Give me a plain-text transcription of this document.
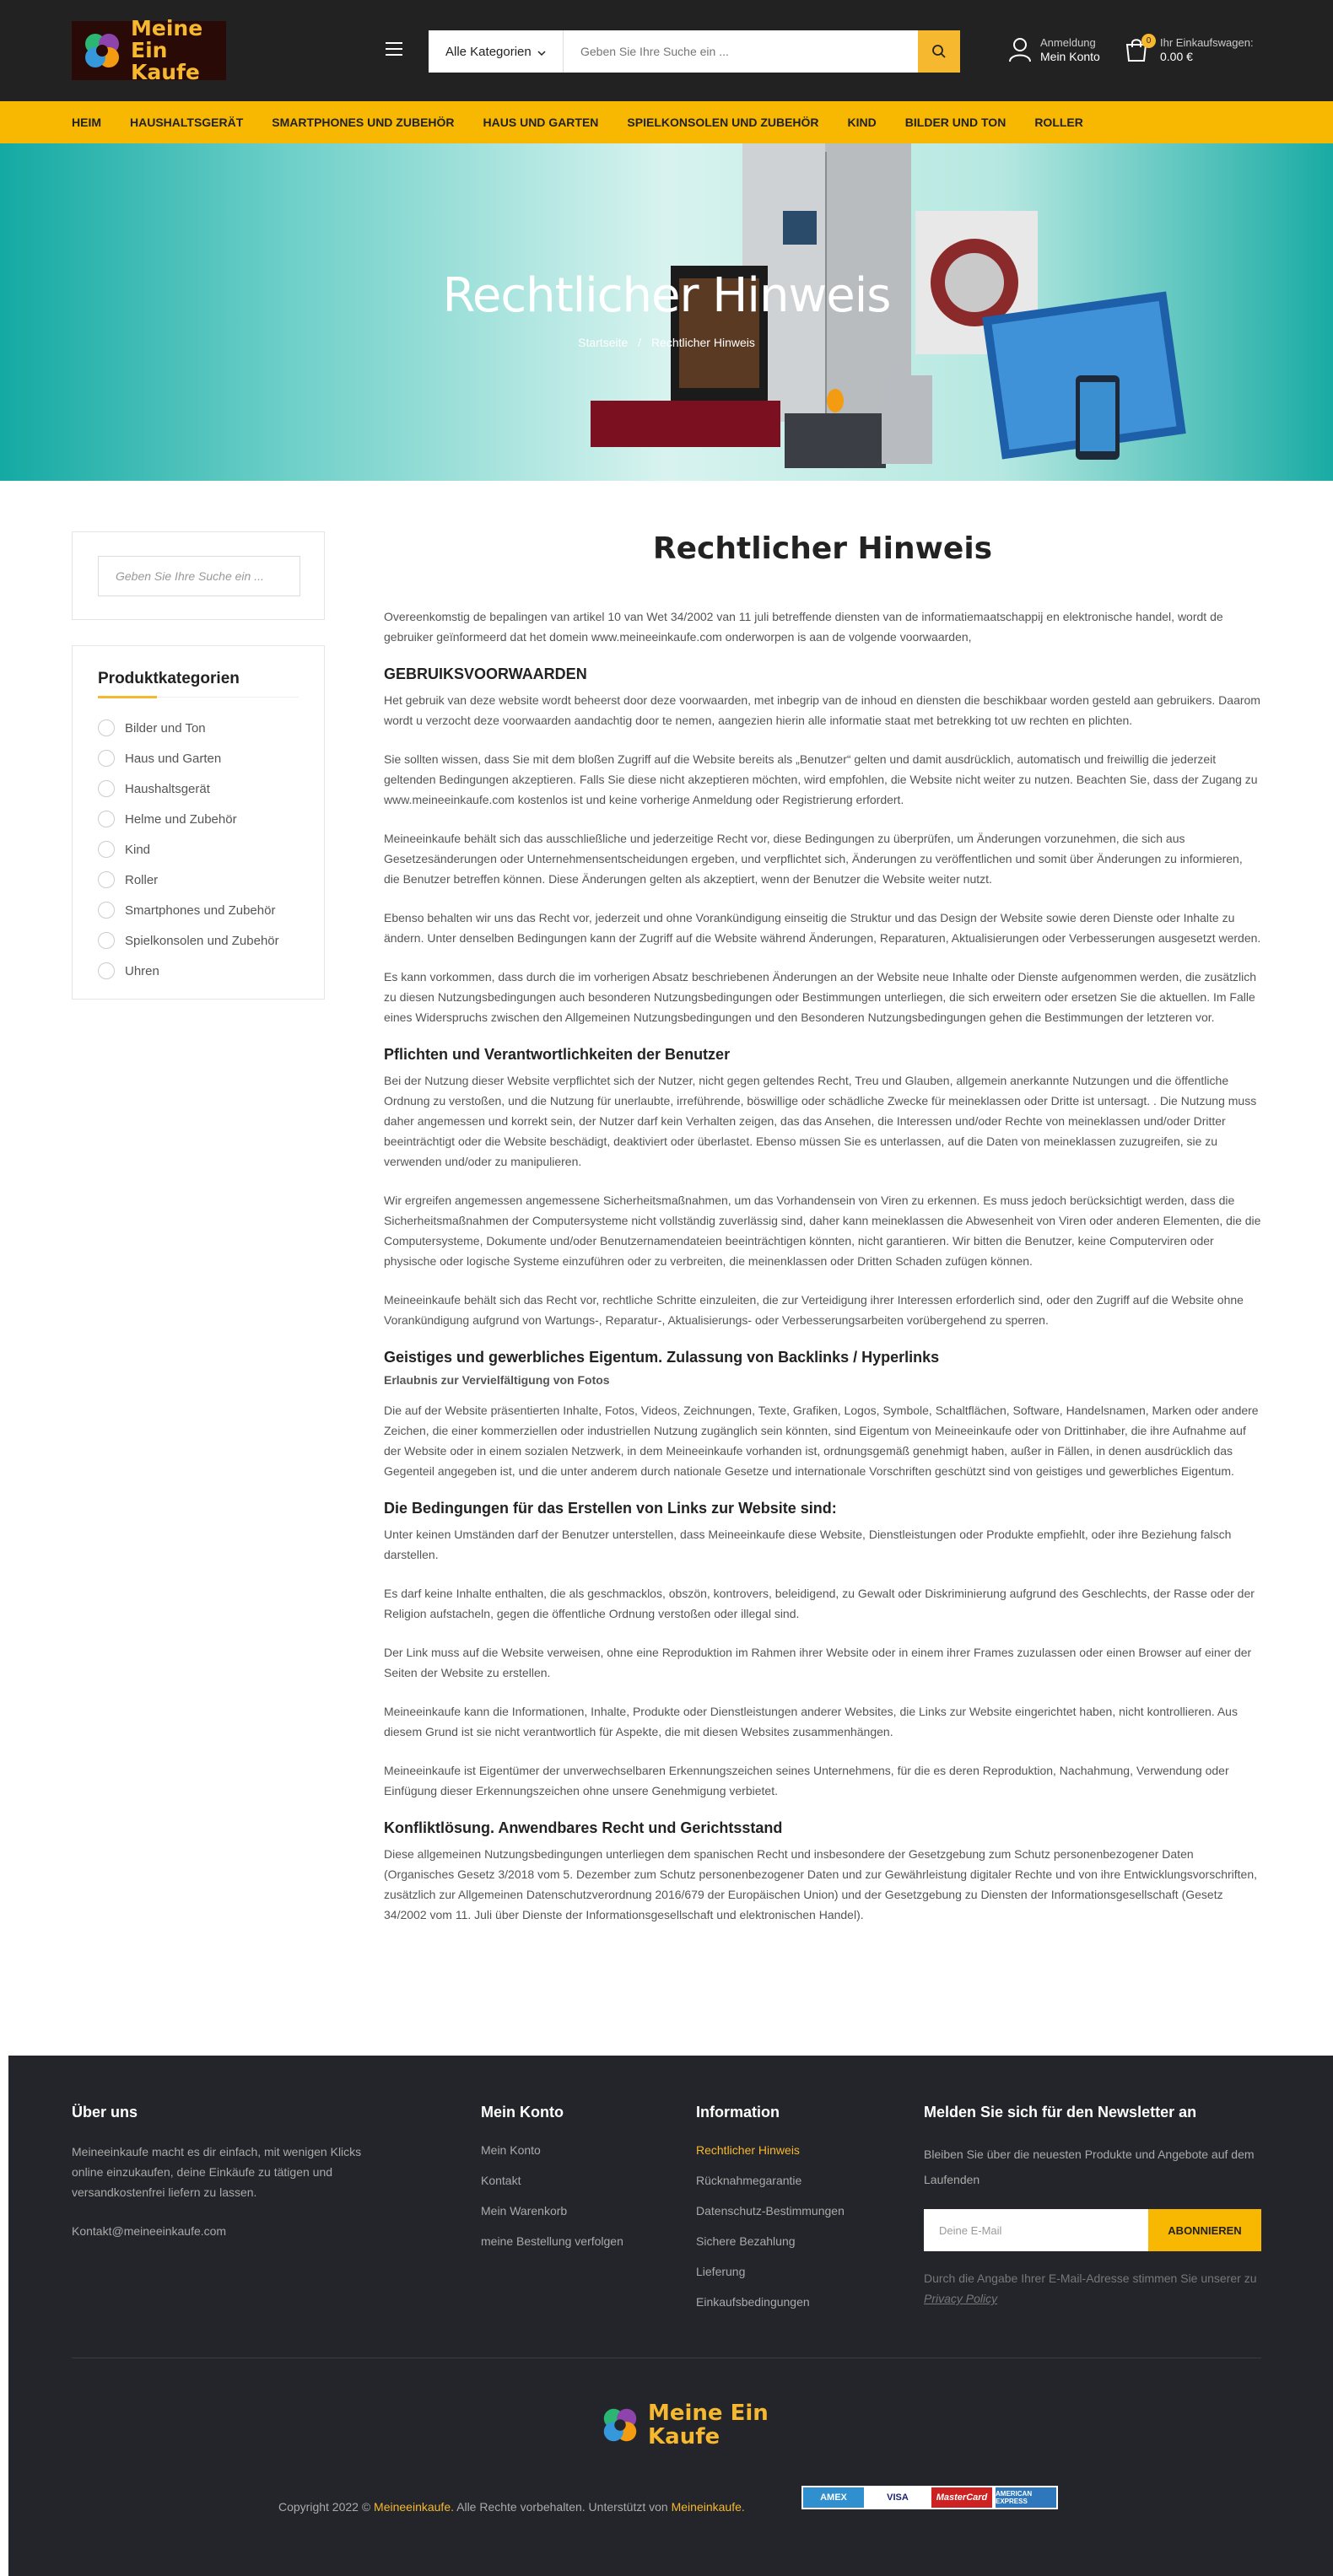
Meine Ein
Kaufe
Alle Kategorien
Geben Sie Ihre Suche ein ...
Anmeldung
Mein Konto
0 Ihr Einkaufswagen:
0.00 €
HEIM HAUSHALTSGERÄT SMARTPHONES UND ZUBEHÖR HAUS UND GARTEN SPIELKONSOLEN UND ZUBEHÖR KIND BILDER UND TON ROLLER
Rechtlicher Hinweis
Startseite / Rechtlicher Hinweis
Geben Sie Ihre Suche ein ...
Produktkategorien
Bilder und Ton
Haus und Garten
Haushaltsgerät
Helme und Zubehör
Kind
Roller
Smartphones und Zubehör
Spielkonsolen und Zubehör
Uhren
Rechtlicher Hinweis

Overeenkomstig de bepalingen van artikel 10 van Wet 34/2002 van 11 juli betreffende diensten van de informatiemaatschappij en elektronische handel, wordt de gebruiker geïnformeerd dat het domein www.meineeinkaufe.com onderworpen is aan de volgende voorwaarden,

GEBRUIKSVOORWAARDEN

Het gebruik van deze website wordt beheerst door deze voorwaarden, met inbegrip van de inhoud en diensten die beschikbaar worden gesteld aan gebruikers. Daarom wordt u verzocht deze voorwaarden aandachtig door te nemen, aangezien hierin alle informatie staat met betrekking tot uw rechten en plichten.

Sie sollten wissen, dass Sie mit dem bloßen Zugriff auf die Website bereits als „Benutzer“ gelten und damit ausdrücklich, automatisch und freiwillig die jederzeit geltenden Bedingungen akzeptieren. Falls Sie diese nicht akzeptieren möchten, wird empfohlen, die Website nicht weiter zu nutzen. Beachten Sie, dass der Zugang zu www.meineeinkaufe.com kostenlos ist und keine vorherige Anmeldung oder Registrierung erfordert.

Meineeinkaufe behält sich das ausschließliche und jederzeitige Recht vor, diese Bedingungen zu überprüfen, um Änderungen vorzunehmen, die sich aus Gesetzesänderungen oder Unternehmensentscheidungen ergeben, und verpflichtet sich, Änderungen zu veröffentlichen und somit über Änderungen zu informieren, die Benutzer betreffen können. Diese Änderungen gelten als akzeptiert, wenn der Benutzer die Website weiter nutzt.

Ebenso behalten wir uns das Recht vor, jederzeit und ohne Vorankündigung einseitig die Struktur und das Design der Website sowie deren Dienste oder Inhalte zu ändern. Unter denselben Bedingungen kann der Zugriff auf die Website während Änderungen, Reparaturen, Aktualisierungen oder Verbesserungen ausgesetzt werden.

Es kann vorkommen, dass durch die im vorherigen Absatz beschriebenen Änderungen an der Website neue Inhalte oder Dienste aufgenommen werden, die zusätzlich zu diesen Nutzungsbedingungen auch besonderen Nutzungsbedingungen oder Bestimmungen unterliegen, die sich erweitern oder ersetzen Sie die aktuellen. Im Falle eines Widerspruchs zwischen den Allgemeinen Nutzungsbedingungen und den Besonderen Nutzungsbedingungen gehen die Bestimmungen der letzteren vor.

Pflichten und Verantwortlichkeiten der Benutzer

Bei der Nutzung dieser Website verpflichtet sich der Nutzer, nicht gegen geltendes Recht, Treu und Glauben, allgemein anerkannte Nutzungen und die öffentliche Ordnung zu verstoßen, und die Nutzung für unerlaubte, irreführende, böswillige oder schädliche Zwecke für meineklassen oder Dritte ist untersagt. . Die Nutzung muss daher angemessen und korrekt sein, der Nutzer darf kein Verhalten zeigen, das das Ansehen, die Interessen und/oder Rechte von meineklassen und/oder Dritter beeinträchtigt oder die Website beschädigt, deaktiviert oder überlastet. Ebenso müssen Sie es unterlassen, auf die Daten von meineklassen zuzugreifen, sie zu verwenden und/oder zu manipulieren.

Wir ergreifen angemessen angemessene Sicherheitsmaßnahmen, um das Vorhandensein von Viren zu erkennen. Es muss jedoch berücksichtigt werden, dass die Sicherheitsmaßnahmen der Computersysteme nicht vollständig zuverlässig sind, daher kann meineklassen die Abwesenheit von Viren oder anderen Elementen, die die Computersysteme, Dokumente und/oder Benutzernamendateien beeinträchtigen könnten, nicht garantieren. Wir bitten die Benutzer, keine Computerviren oder physische oder logische Systeme einzuführen oder zu verbreiten, die meinenklassen oder Dritten Schaden zufügen können.

Meineeinkaufe behält sich das Recht vor, rechtliche Schritte einzuleiten, die zur Verteidigung ihrer Interessen erforderlich sind, oder den Zugriff auf die Website ohne Vorankündigung aufgrund von Wartungs-, Reparatur-, Aktualisierungs- oder Verbesserungsarbeiten vorübergehend zu sperren.

Geistiges und gewerbliches Eigentum. Zulassung von Backlinks / Hyperlinks
Erlaubnis zur Vervielfältigung von Fotos

Die auf der Website präsentierten Inhalte, Fotos, Videos, Zeichnungen, Texte, Grafiken, Logos, Symbole, Schaltflächen, Software, Handelsnamen, Marken oder andere Zeichen, die einer kommerziellen oder industriellen Nutzung zugänglich sein könnten, sind Eigentum von Meineeinkaufe oder von Drittinhaber, die ihre Aufnahme auf der Website oder in einem sozialen Netzwerk, in dem Meineeinkaufe vorhanden ist, ordnungsgemäß genehmigt haben, außer in Fällen, in denen ausdrücklich das Gegenteil angegeben ist, und die unter anderem durch nationale Gesetze und internationale Vorschriften geschützt sind von geistiges und gewerbliches Eigentum.

Die Bedingungen für das Erstellen von Links zur Website sind:

Unter keinen Umständen darf der Benutzer unterstellen, dass Meineeinkaufe diese Website, Dienstleistungen oder Produkte empfiehlt, oder ihre Beziehung falsch darstellen.

Es darf keine Inhalte enthalten, die als geschmacklos, obszön, kontrovers, beleidigend, zu Gewalt oder Diskriminierung aufgrund des Geschlechts, der Rasse oder der Religion aufstacheln, gegen die öffentliche Ordnung verstoßen oder illegal sind.

Der Link muss auf die Website verweisen, ohne eine Reproduktion im Rahmen ihrer Website oder in einem ihrer Frames zuzulassen oder einen Browser auf einer der Seiten der Website zu erstellen.

Meineeinkaufe kann die Informationen, Inhalte, Produkte oder Dienstleistungen anderer Websites, die Links zur Website eingerichtet haben, nicht kontrollieren. Aus diesem Grund ist sie nicht verantwortlich für Aspekte, die mit diesen Websites zusammenhängen.

Meineeinkaufe ist Eigentümer der unverwechselbaren Erkennungszeichen seines Unternehmens, für die es deren Reproduktion, Nachahmung, Verwendung oder Einfügung dieser Erkennungszeichen ohne unsere Genehmigung verbietet.

Konfliktlösung. Anwendbares Recht und Gerichtsstand

Diese allgemeinen Nutzungsbedingungen unterliegen dem spanischen Recht und insbesondere der Gesetzgebung zum Schutz personenbezogener Daten (Organisches Gesetz 3/2018 vom 5. Dezember zum Schutz personenbezogener Daten und zur Gewährleistung digitaler Rechte und von ihre Entwicklungsvorschriften, zusätzlich zur Allgemeinen Datenschutzverordnung 2016/679 der Europäischen Union) und der Gesetzgebung zu Diensten der Informationsgesellschaft (Gesetz 34/2002 vom 11. Juli über Dienste der Informationsgesellschaft und elektronischen Handel).

Über uns

Meineeinkaufe macht es dir einfach, mit wenigen Klicks online einzukaufen, deine Einkäufe zu tätigen und versandkostenfrei liefern zu lassen.

Kontakt@meineeinkaufe.com

Mein Konto
Mein Konto
Kontakt
Mein Warenkorb
meine Bestellung verfolgen
Information
Rechtlicher Hinweis
Rücknahmegarantie
Datenschutz-Bestimmungen
Sichere Bezahlung
Lieferung
Einkaufsbedingungen
Melden Sie sich für den Newsletter an

Bleiben Sie über die neuesten Produkte und Angebote auf dem Laufenden

Deine E-Mail	ABONNIEREN

Durch die Angabe Ihrer E-Mail-Adresse stimmen Sie unserer zu Privacy Policy

Meine Ein
Kaufe
Copyright 2022 © Meineeinkaufe. Alle Rechte vorbehalten. Unterstützt von Meineinkaufe.
AMEX	VISA	MasterCard	AMERICAN EXPRESS
